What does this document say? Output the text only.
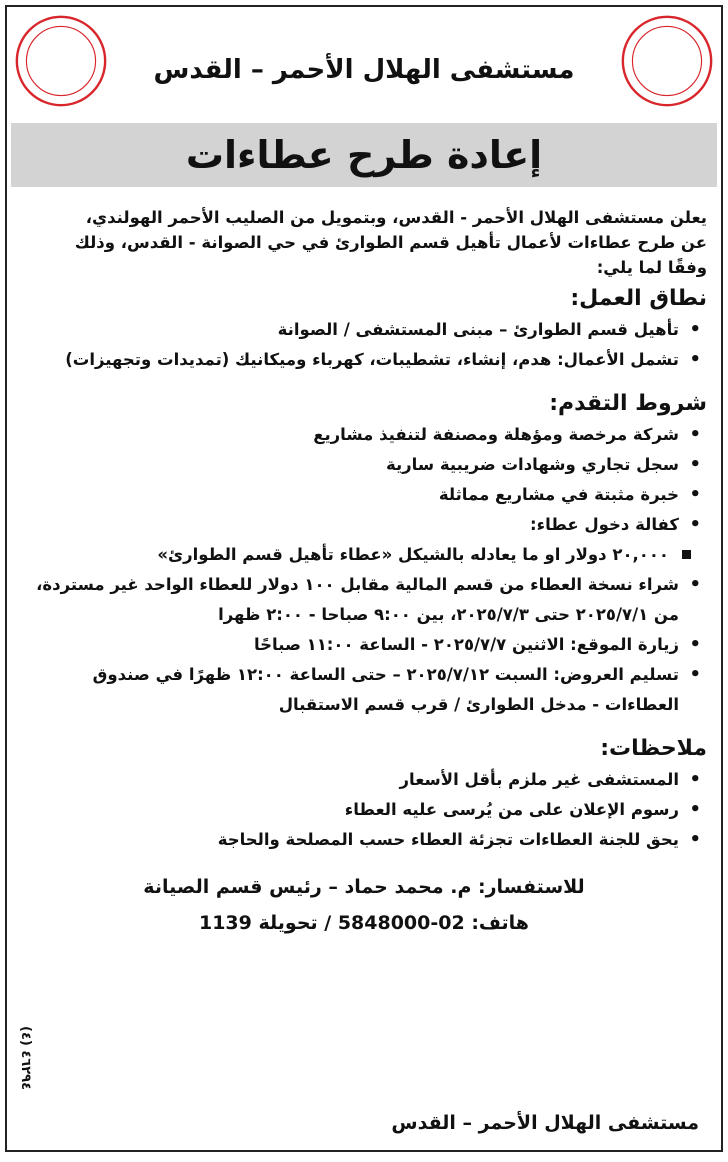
مستشفى الهلال الأحمر – القدس
إعادة طرح عطاءات
يعلن مستشفى الهلال الأحمر - القدس، وبتمويل من الصليب الأحمر الهولندي،
عن طرح عطاءات لأعمال تأهيل قسم الطوارئ في حي الصوانة - القدس، وذلك
وفقًا لما يلي:
نطاق العمل:
• تأهيل قسم الطوارئ – مبنى المستشفى / الصوانة
• تشمل الأعمال: هدم، إنشاء، تشطيبات، كهرباء وميكانيك (تمديدات وتجهيزات)
شروط التقدم:
• شركة مرخصة ومؤهلة ومصنفة لتنفيذ مشاريع
• سجل تجاري وشهادات ضريبية سارية
• خبرة مثبتة في مشاريع مماثلة
• كفالة دخول عطاء:
٢٠,٠٠٠ دولار او ما يعادله بالشيكل «عطاء تأهيل قسم الطوارئ»
• شراء نسخة العطاء من قسم المالية مقابل ١٠٠ دولار للعطاء الواحد غير مستردة، من ٢٠٢٥/٧/١ حتى ٢٠٢٥/٧/٣، بين ٩:٠٠ صباحا - ٢:٠٠ ظهرا
• زيارة الموقع: الاثنين ٢٠٢٥/٧/٧ - الساعة ١١:٠٠ صباحًا
• تسليم العروض: السبت ٢٠٢٥/٧/١٢ – حتى الساعة ١٢:٠٠ ظهرًا في صندوق العطاءات - مدخل الطوارئ / قرب قسم الاستقبال
ملاحظات:
• المستشفى غير ملزم بأقل الأسعار
• رسوم الإعلان على من يُرسى عليه العطاء
• يحق للجنة العطاءات تجزئة العطاء حسب المصلحة والحاجة
للاستفسار: م. محمد حماد – رئيس قسم الصيانة
هاتف: 02-5848000 / تحويلة 1139
٤٦٢٩٤ (٤)
مستشفى الهلال الأحمر – القدس
